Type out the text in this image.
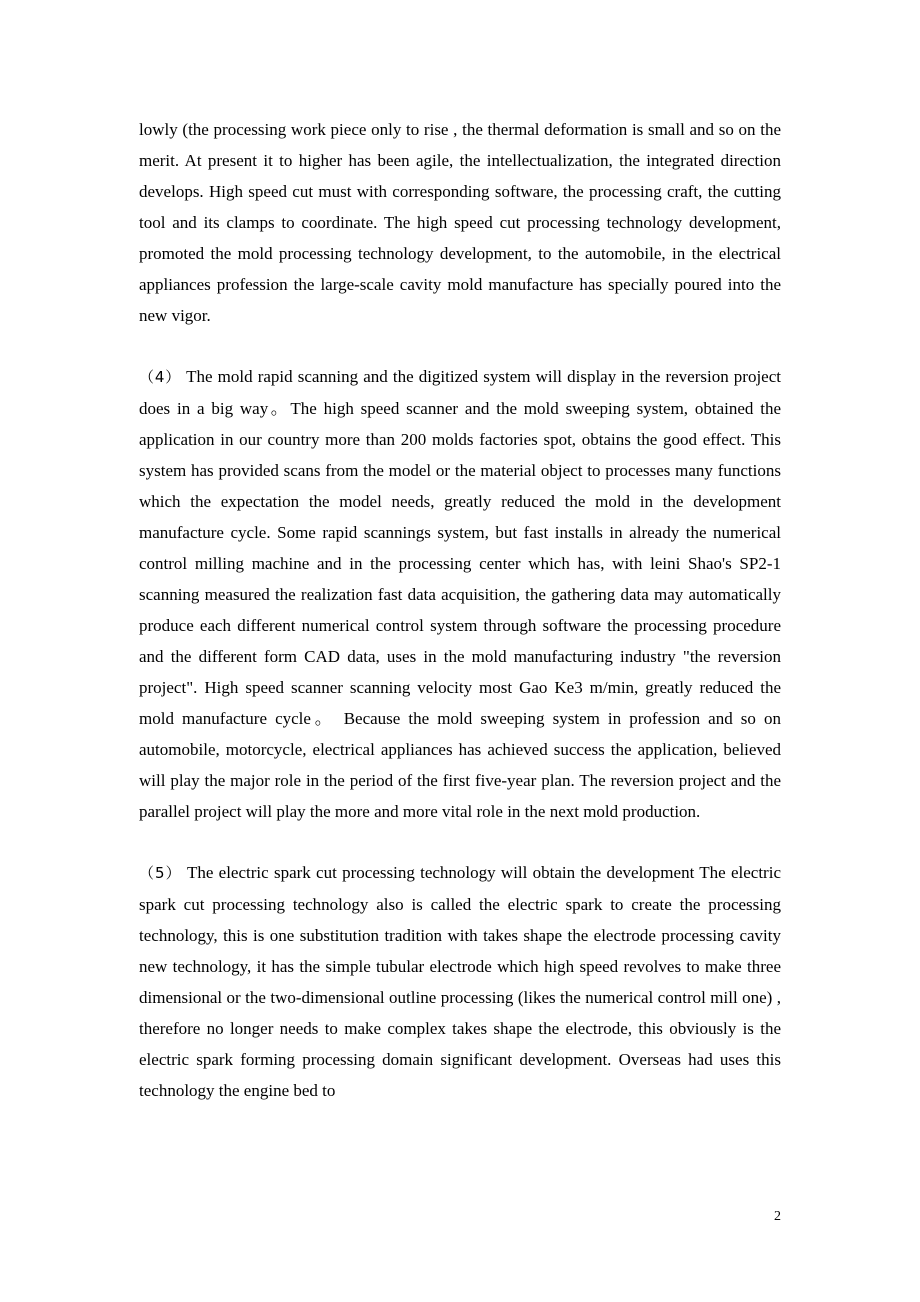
lowly (the processing work piece only to rise , the thermal deformation is small and so on the merit. At present it to higher has been agile, the intellectualization, the integrated direction develops. High speed cut must with corresponding software, the processing craft, the cutting tool and its clamps to coordinate. The high speed cut processing technology development, promoted the mold processing technology development, to the automobile, in the electrical appliances profession the large-scale cavity mold manufacture has specially poured into the new vigor.

（4） The mold rapid scanning and the digitized system will display in the reversion project does in a big way。The high speed scanner and the mold sweeping system, obtained the application in our country more than 200 molds factories spot, obtains the good effect. This system has provided scans from the model or the material object to processes many functions which the expectation the model needs, greatly reduced the mold in the development manufacture cycle. Some rapid scannings system, but fast installs in already the numerical control milling machine and in the processing center which has, with leini Shao's SP2-1 scanning measured the realization fast data acquisition, the gathering data may automatically produce each different numerical control system through software the processing procedure and the different form CAD data, uses in the mold manufacturing industry "the reversion project". High speed scanner scanning velocity most Gao Ke3 m/min, greatly reduced the mold manufacture cycle。 Because the mold sweeping system in profession and so on automobile, motorcycle, electrical appliances has achieved success the application, believed will play the major role in the period of the first five-year plan. The reversion project and the parallel project will play the more and more vital role in the next mold production.

（5） The electric spark cut processing technology will obtain the development The electric spark cut processing technology also is called the electric spark to create the processing technology, this is one substitution tradition with takes shape the electrode processing cavity new technology, it has the simple tubular electrode which high speed revolves to make three dimensional or the two-dimensional outline processing (likes the numerical control mill one) , therefore no longer needs to make complex takes shape the electrode, this obviously is the electric spark forming processing domain significant development. Overseas had uses this technology the engine bed to

2
